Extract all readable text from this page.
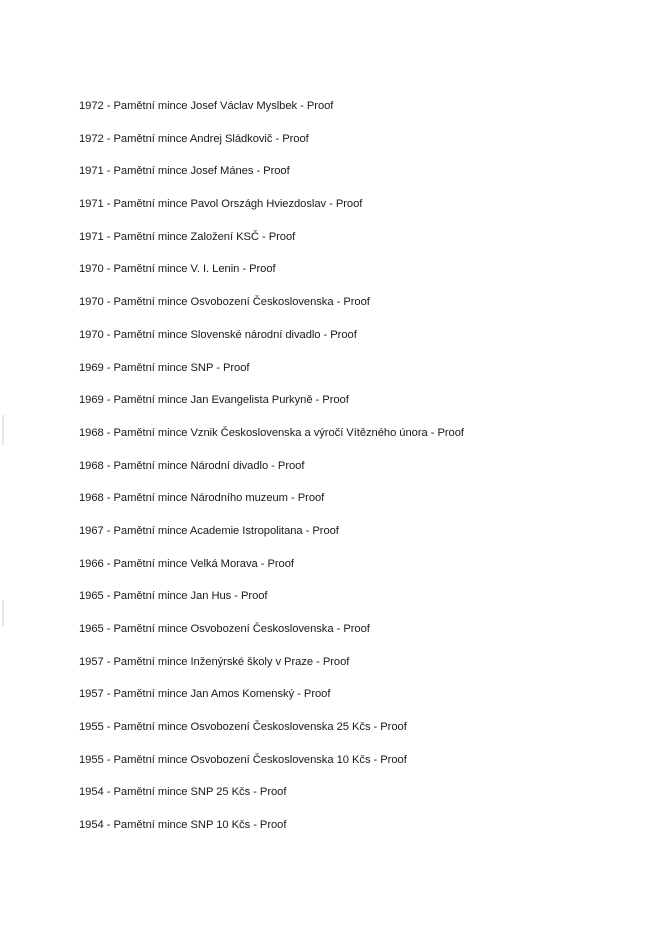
1972 - Pamětní mince Josef Václav Myslbek - Proof
1972 - Pamětní mince Andrej Sládkovič - Proof
1971 - Pamětní mince Josef Mánes - Proof
1971 - Pamětní mince Pavol Országh Hviezdoslav - Proof
1971 - Pamětní mince Založení KSČ - Proof
1970 - Pamětní mince V. I. Lenin - Proof
1970 - Pamětní mince Osvobození Československa - Proof
1970 - Pamětní mince Slovenské národní divadlo - Proof
1969 - Pamětní mince SNP - Proof
1969 - Pamětní mince Jan Evangelista Purkyně - Proof
1968 - Pamětní mince Vznik Československa a výročí Vítězného února - Proof
1968 - Pamětní mince Národní divadlo - Proof
1968 - Pamětní mince Národního muzeum - Proof
1967 - Pamětní mince Academie Istropolitana - Proof
1966 - Pamětní mince Velká Morava - Proof
1965 - Pamětní mince Jan Hus - Proof
1965 - Pamětní mince Osvobození Československa - Proof
1957 - Pamětní mince Inženýrské školy v Praze - Proof
1957 - Pamětní mince Jan Amos Komenský - Proof
1955 - Pamětní mince Osvobození Československa 25 Kčs - Proof
1955 - Pamětní mince Osvobození Československa 10 Kčs - Proof
1954 - Pamětní mince SNP 25 Kčs - Proof
1954 - Pamětní mince SNP 10 Kčs - Proof
